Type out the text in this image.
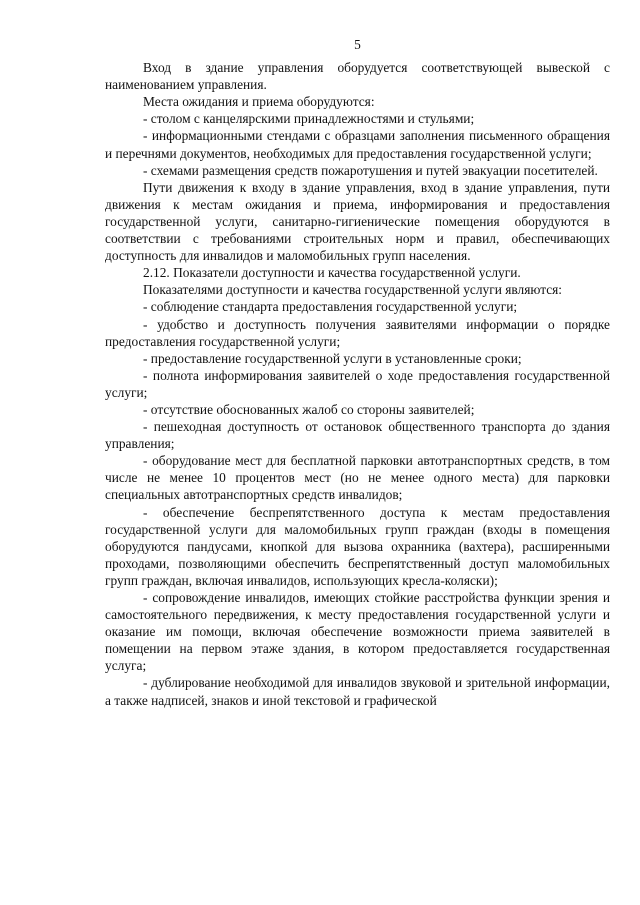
5

Вход в здание управления оборудуется соответствующей вывеской с наименованием управления.

Места ожидания и приема оборудуются:

- столом с канцелярскими принадлежностями и стульями;

- информационными стендами с образцами заполнения письменного обращения и перечнями документов, необходимых для предоставления государственной услуги;

- схемами размещения средств пожаротушения и путей эвакуации посетителей.

Пути движения к входу в здание управления, вход в здание управления, пути движения к местам ожидания и приема, информирования и предоставления государственной услуги, санитарно-гигиенические помещения оборудуются в соответствии с требованиями строительных норм и правил, обеспечивающих доступность для инвалидов и маломобильных групп населения.

2.12. Показатели доступности и качества государственной услуги.

Показателями доступности и качества государственной услуги являются:

- соблюдение стандарта предоставления государственной услуги;

- удобство и доступность получения заявителями информации о порядке предоставления государственной услуги;

- предоставление государственной услуги в установленные сроки;

- полнота информирования заявителей о ходе предоставления государственной услуги;

- отсутствие обоснованных жалоб со стороны заявителей;

- пешеходная доступность от остановок общественного транспорта до здания управления;

- оборудование мест для бесплатной парковки автотранспортных средств, в том числе не менее 10 процентов мест (но не менее одного места) для парковки специальных автотранспортных средств инвалидов;

- обеспечение беспрепятственного доступа к местам предоставления государственной услуги для маломобильных групп граждан (входы в помещения оборудуются пандусами, кнопкой для вызова охранника (вахтера), расширенными проходами, позволяющими обеспечить беспрепятственный доступ маломобильных групп граждан, включая инвалидов, использующих кресла-коляски);

- сопровождение инвалидов, имеющих стойкие расстройства функции зрения и самостоятельного передвижения, к месту предоставления государственной услуги и оказание им помощи, включая обеспечение возможности приема заявителей в помещении на первом этаже здания, в котором предоставляется государственная услуга;

- дублирование необходимой для инвалидов звуковой и зрительной информации, а также надписей, знаков и иной текстовой и графической
